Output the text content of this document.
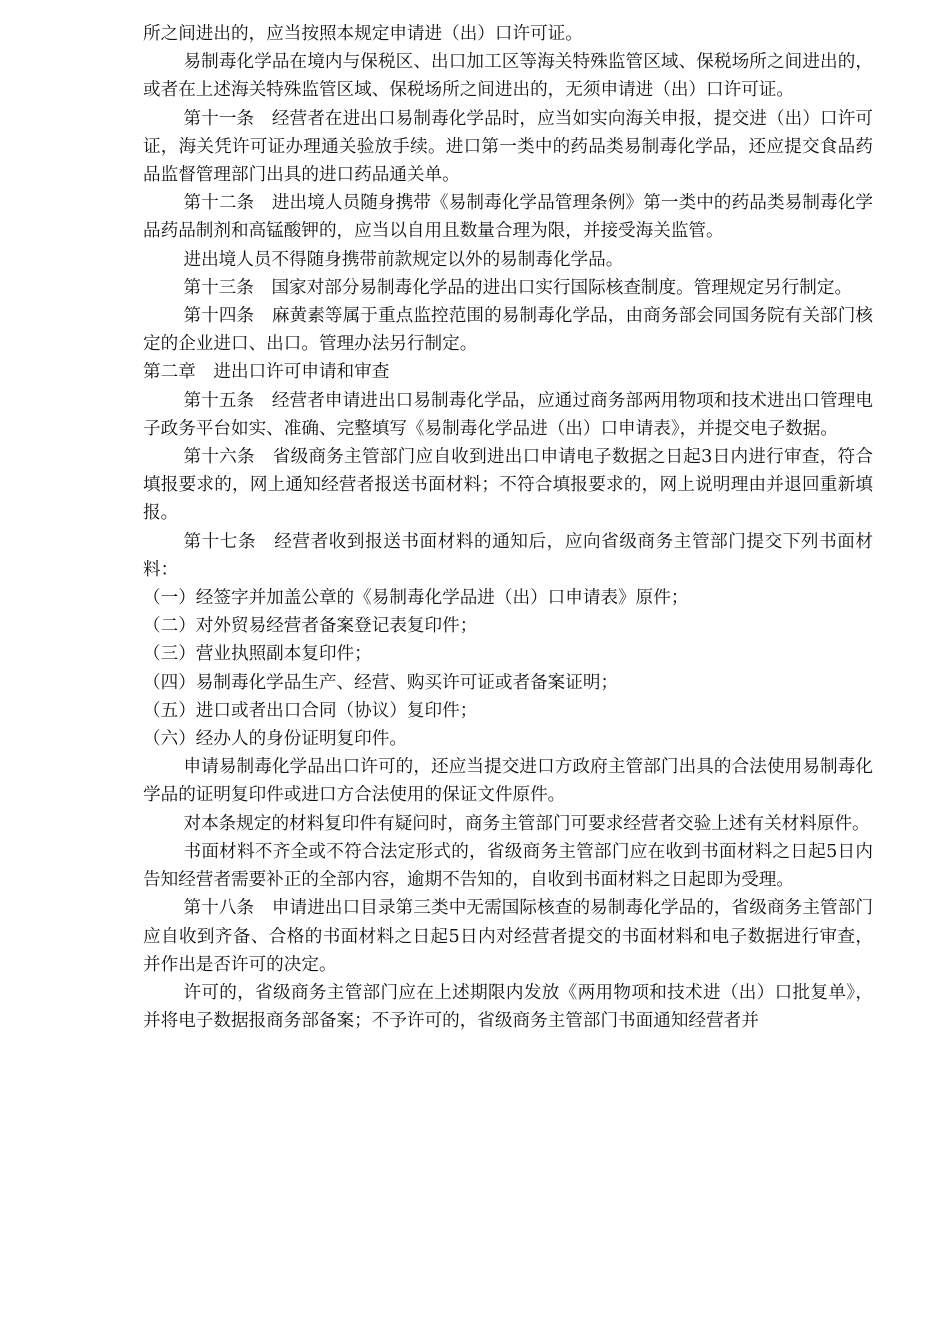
所之间进出的，应当按照本规定申请进（出）口许可证。

易制毒化学品在境内与保税区、出口加工区等海关特殊监管区域、保税场所之间进出的，或者在上述海关特殊监管区域、保税场所之间进出的，无须申请进（出）口许可证。

第十一条　经营者在进出口易制毒化学品时，应当如实向海关申报，提交进（出）口许可证，海关凭许可证办理通关验放手续。进口第一类中的药品类易制毒化学品，还应提交食品药品监督管理部门出具的进口药品通关单。

第十二条　进出境人员随身携带《易制毒化学品管理条例》第一类中的药品类易制毒化学品药品制剂和高锰酸钾的，应当以自用且数量合理为限，并接受海关监管。

进出境人员不得随身携带前款规定以外的易制毒化学品。

第十三条　国家对部分易制毒化学品的进出口实行国际核查制度。管理规定另行制定。

第十四条　麻黄素等属于重点监控范围的易制毒化学品，由商务部会同国务院有关部门核定的企业进口、出口。管理办法另行制定。

第二章　进出口许可申请和审查

第十五条　经营者申请进出口易制毒化学品，应通过商务部两用物项和技术进出口管理电子政务平台如实、准确、完整填写《易制毒化学品进（出）口申请表》，并提交电子数据。

第十六条　省级商务主管部门应自收到进出口申请电子数据之日起3日内进行审查，符合填报要求的，网上通知经营者报送书面材料；不符合填报要求的，网上说明理由并退回重新填报。

第十七条　经营者收到报送书面材料的通知后，应向省级商务主管部门提交下列书面材料：

（一）经签字并加盖公章的《易制毒化学品进（出）口申请表》原件；

（二）对外贸易经营者备案登记表复印件；

（三）营业执照副本复印件；

（四）易制毒化学品生产、经营、购买许可证或者备案证明；

（五）进口或者出口合同（协议）复印件；

（六）经办人的身份证明复印件。

申请易制毒化学品出口许可的，还应当提交进口方政府主管部门出具的合法使用易制毒化学品的证明复印件或进口方合法使用的保证文件原件。

对本条规定的材料复印件有疑问时，商务主管部门可要求经营者交验上述有关材料原件。

书面材料不齐全或不符合法定形式的，省级商务主管部门应在收到书面材料之日起5日内告知经营者需要补正的全部内容，逾期不告知的，自收到书面材料之日起即为受理。

第十八条　申请进出口目录第三类中无需国际核查的易制毒化学品的，省级商务主管部门应自收到齐备、合格的书面材料之日起5日内对经营者提交的书面材料和电子数据进行审查，并作出是否许可的决定。

许可的，省级商务主管部门应在上述期限内发放《两用物项和技术进（出）口批复单》，并将电子数据报商务部备案；不予许可的，省级商务主管部门书面通知经营者并
